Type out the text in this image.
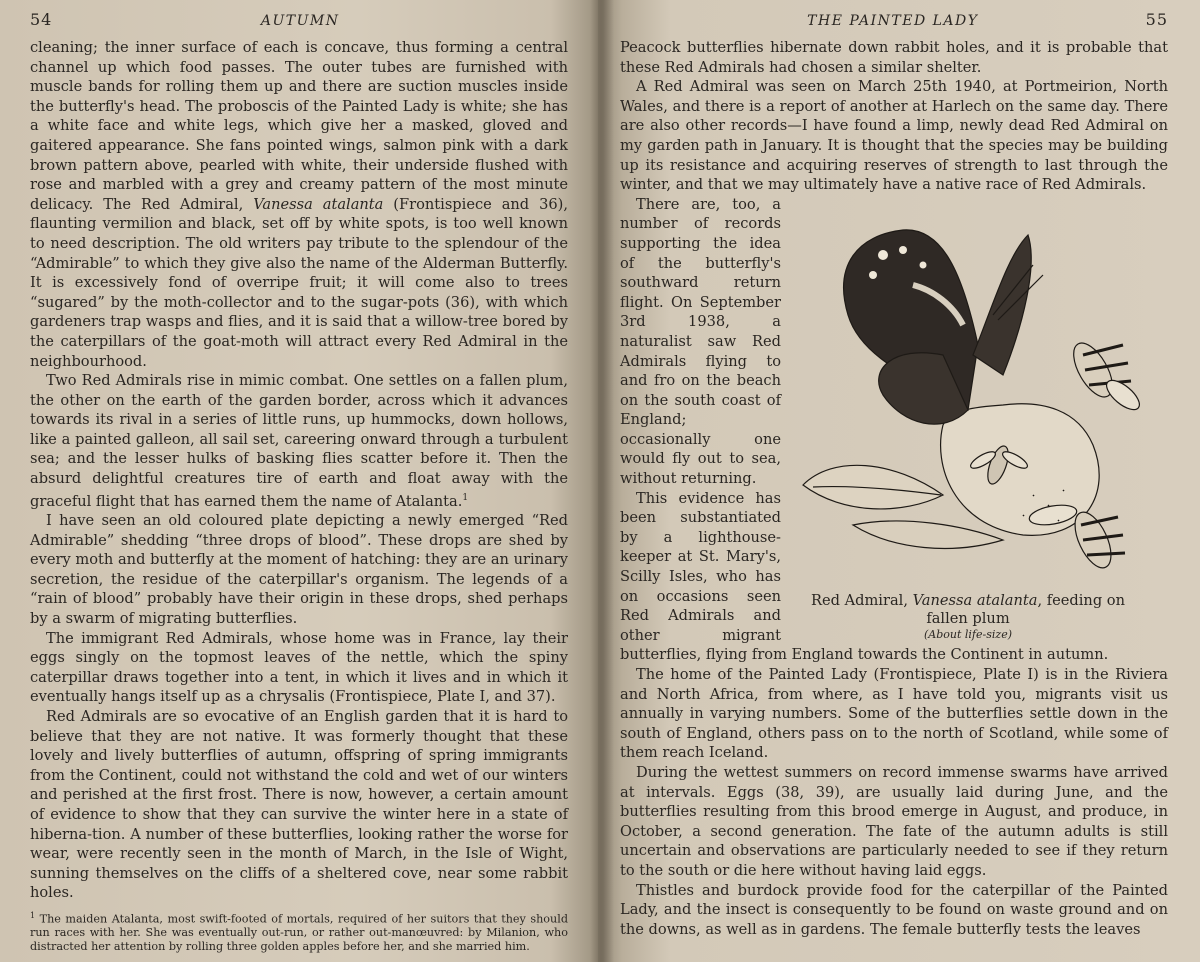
54	AUTUMN

cleaning; the inner surface of each is concave, thus forming a central channel up which food passes. The outer tubes are furnished with muscle bands for rolling them up and there are suction muscles inside the butterfly's head. The proboscis of the Painted Lady is white; she has a white face and white legs, which give her a masked, gloved and gaitered appearance. She fans pointed wings, salmon pink with a dark brown pattern above, pearled with white, their underside flushed with rose and marbled with a grey and creamy pattern of the most minute delicacy. The Red Admiral, Vanessa atalanta (Frontispiece and 36), flaunting vermilion and black, set off by white spots, is too well known to need description. The old writers pay tribute to the splendour of the “Admirable” to which they give also the name of the Alderman Butterfly. It is excessively fond of overripe fruit; it will come also to trees “sugared” by the moth-collector and to the sugar-pots (36), with which gardeners trap wasps and flies, and it is said that a willow-tree bored by the caterpillars of the goat-moth will attract every Red Admiral in the neighbourhood.

Two Red Admirals rise in mimic combat. One settles on a fallen plum, the other on the earth of the garden border, across which it advances towards its rival in a series of little runs, up hummocks, down hollows, like a painted galleon, all sail set, careering onward through a turbulent sea; and the lesser hulks of basking flies scatter before it. Then the absurd delightful creatures tire of earth and float away with the graceful flight that has earned them the name of Atalanta.$^1$

I have seen an old coloured plate depicting a newly emerged “Red Admirable” shedding “three drops of blood”. These drops are shed by every moth and butterfly at the moment of hatching: they are an urinary secretion, the residue of the caterpillar's organism. The legends of a “rain of blood” probably have their origin in these drops, shed perhaps by a swarm of migrating butterflies.

The immigrant Red Admirals, whose home was in France, lay their eggs singly on the topmost leaves of the nettle, which the spiny caterpillar draws together into a tent, in which it lives and in which it eventually hangs itself up as a chrysalis (Frontispiece, Plate I, and 37).

Red Admirals are so evocative of an English garden that it is hard to believe that they are not native. It was formerly thought that these lovely and lively butterflies of autumn, offspring of spring immigrants from the Continent, could not withstand the cold and wet of our winters and perished at the first frost. There is now, however, a certain amount of evidence to show that they can survive the winter here in a state of hiberna-tion. A number of these butterflies, looking rather the worse for wear, were recently seen in the month of March, in the Isle of Wight, sunning themselves on the cliffs of a sheltered cove, near some rabbit holes.

$^1$ The maiden Atalanta, most swift-footed of mortals, required of her suitors that they should run races with her. She was eventually out-run, or rather out-manœuvred: by Milanion, who distracted her attention by rolling three golden apples before her, and she married him.
THE PAINTED LADY	55

Peacock butterflies hibernate down rabbit holes, and it is probable that these Red Admirals had chosen a similar shelter.

A Red Admiral was seen on March 25th 1940, at Portmeirion, North Wales, and there is a report of another at Harlech on the same day. There are also other records—I have found a limp, newly dead Red Admiral on my garden path in January. It is thought that the species may be building up its resistance and acquiring reserves of strength to last through the winter, and that we may ultimately have a native race of Red Admirals.

Red Admiral, Vanessa atalanta, feeding on fallen plum
(About life-size)

There are, too, a number of records supporting the idea of the butterfly's southward return flight. On September 3rd 1938, a naturalist saw Red Admirals flying to and fro on the beach on the south coast of England; occasionally one would fly out to sea, without returning.

This evidence has been substantiated by a lighthouse-keeper at St. Mary's, Scilly Isles, who has on occasions seen Red Admirals and other migrant butterflies, flying from England towards the Continent in autumn.

The home of the Painted Lady (Frontispiece, Plate I) is in the Riviera and North Africa, from where, as I have told you, migrants visit us annually in varying numbers. Some of the butterflies settle down in the south of England, others pass on to the north of Scotland, while some of them reach Iceland.

During the wettest summers on record immense swarms have arrived at intervals. Eggs (38, 39), are usually laid during June, and the butterflies resulting from this brood emerge in August, and produce, in October, a second generation. The fate of the autumn adults is still uncertain and observations are particularly needed to see if they return to the south or die here without having laid eggs.

Thistles and burdock provide food for the caterpillar of the Painted Lady, and the insect is consequently to be found on waste ground and on the downs, as well as in gardens. The female butterfly tests the leaves
